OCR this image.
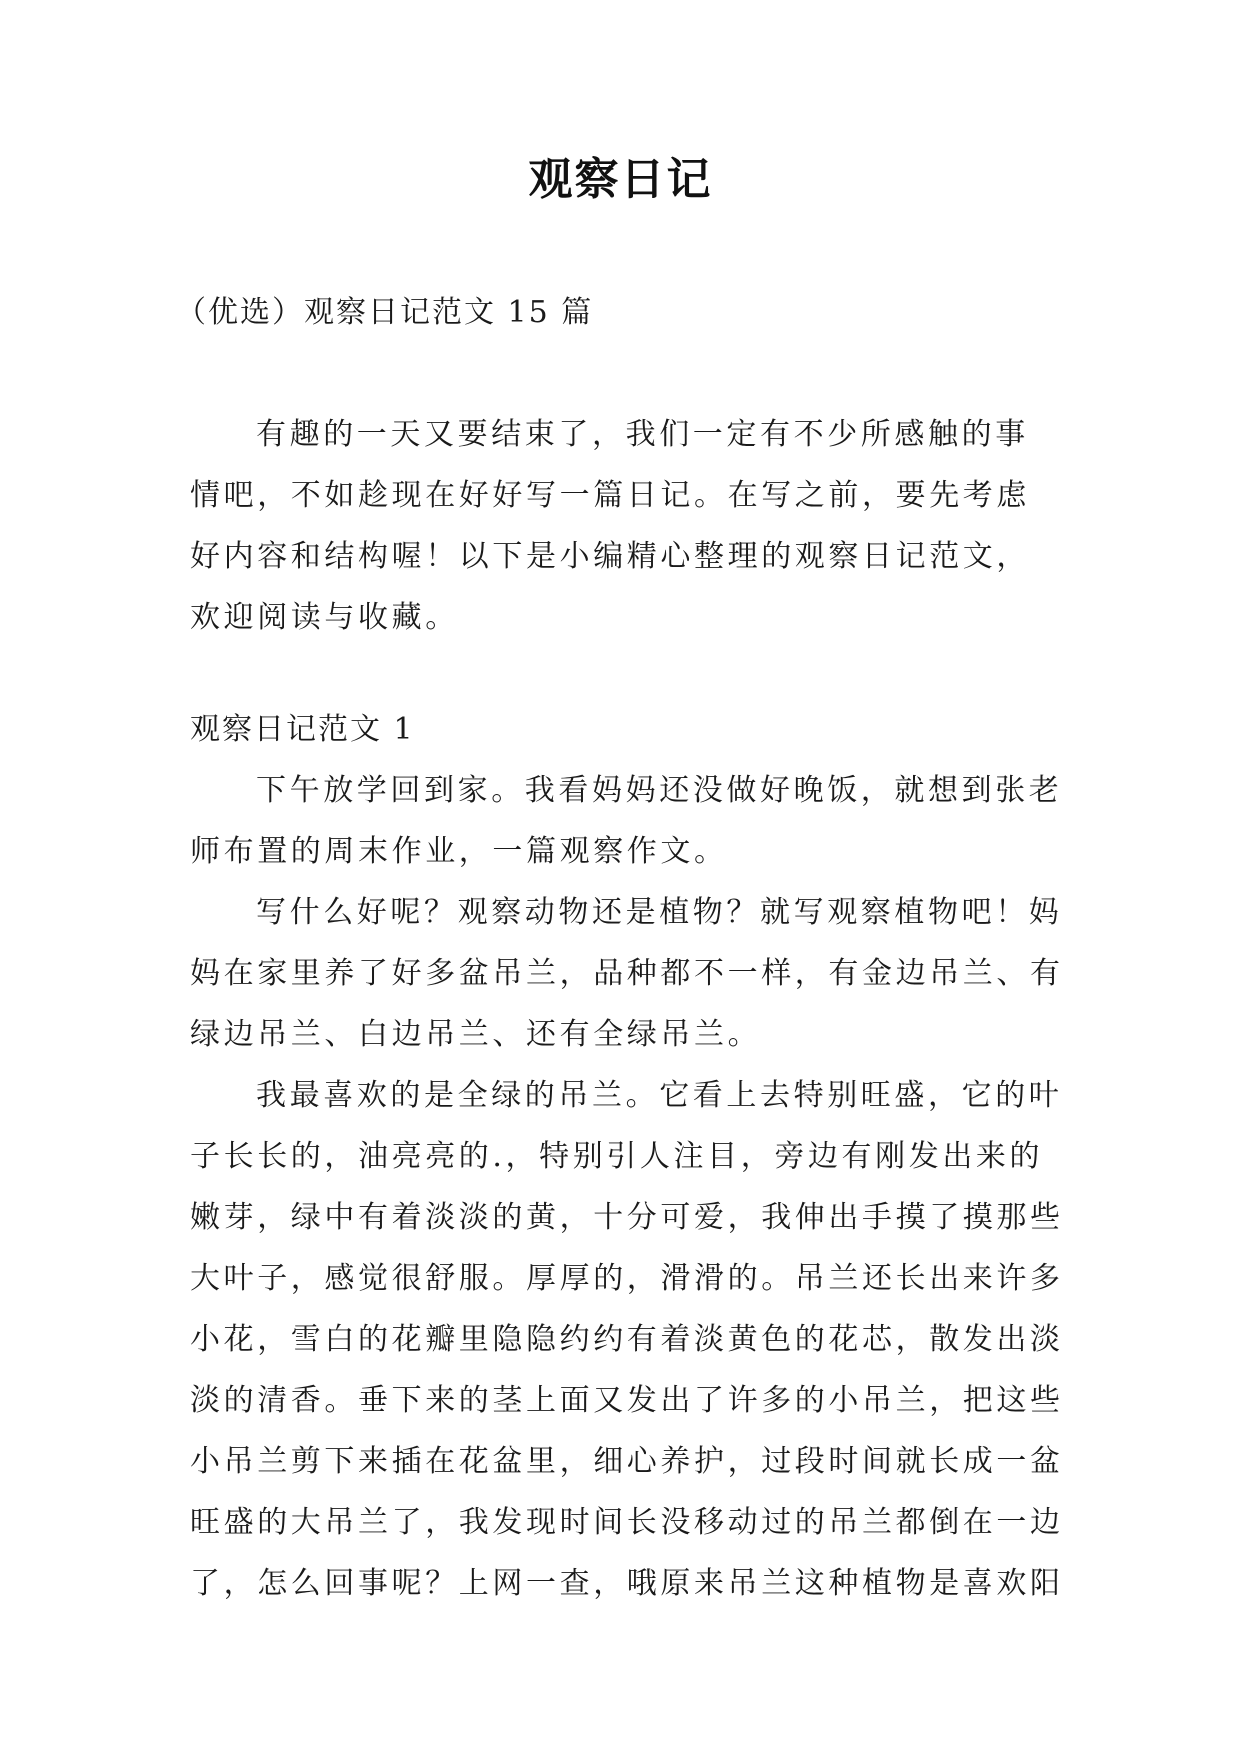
观察日记
（优选）观察日记范文 15 篇

有趣的一天又要结束了，我们一定有不少所感触的事情吧，不如趁现在好好写一篇日记。在写之前，要先考虑好内容和结构喔！以下是小编精心整理的观察日记范文，欢迎阅读与收藏。

观察日记范文 1

下午放学回到家。我看妈妈还没做好晚饭，就想到张老师布置的周末作业，一篇观察作文。

写什么好呢？观察动物还是植物？就写观察植物吧！妈妈在家里养了好多盆吊兰，品种都不一样，有金边吊兰、有绿边吊兰、白边吊兰、还有全绿吊兰。

我最喜欢的是全绿的吊兰。它看上去特别旺盛，它的叶子长长的，油亮亮的.，特别引人注目，旁边有刚发出来的嫩芽，绿中有着淡淡的黄，十分可爱，我伸出手摸了摸那些大叶子，感觉很舒服。厚厚的，滑滑的。吊兰还长出来许多小花，雪白的花瓣里隐隐约约有着淡黄色的花芯，散发出淡淡的清香。垂下来的茎上面又发出了许多的小吊兰，把这些小吊兰剪下来插在花盆里，细心养护，过段时间就长成一盆旺盛的大吊兰了，我发现时间长没移动过的吊兰都倒在一边了，怎么回事呢？上网一查，哦原来吊兰这种植物是喜欢阳
